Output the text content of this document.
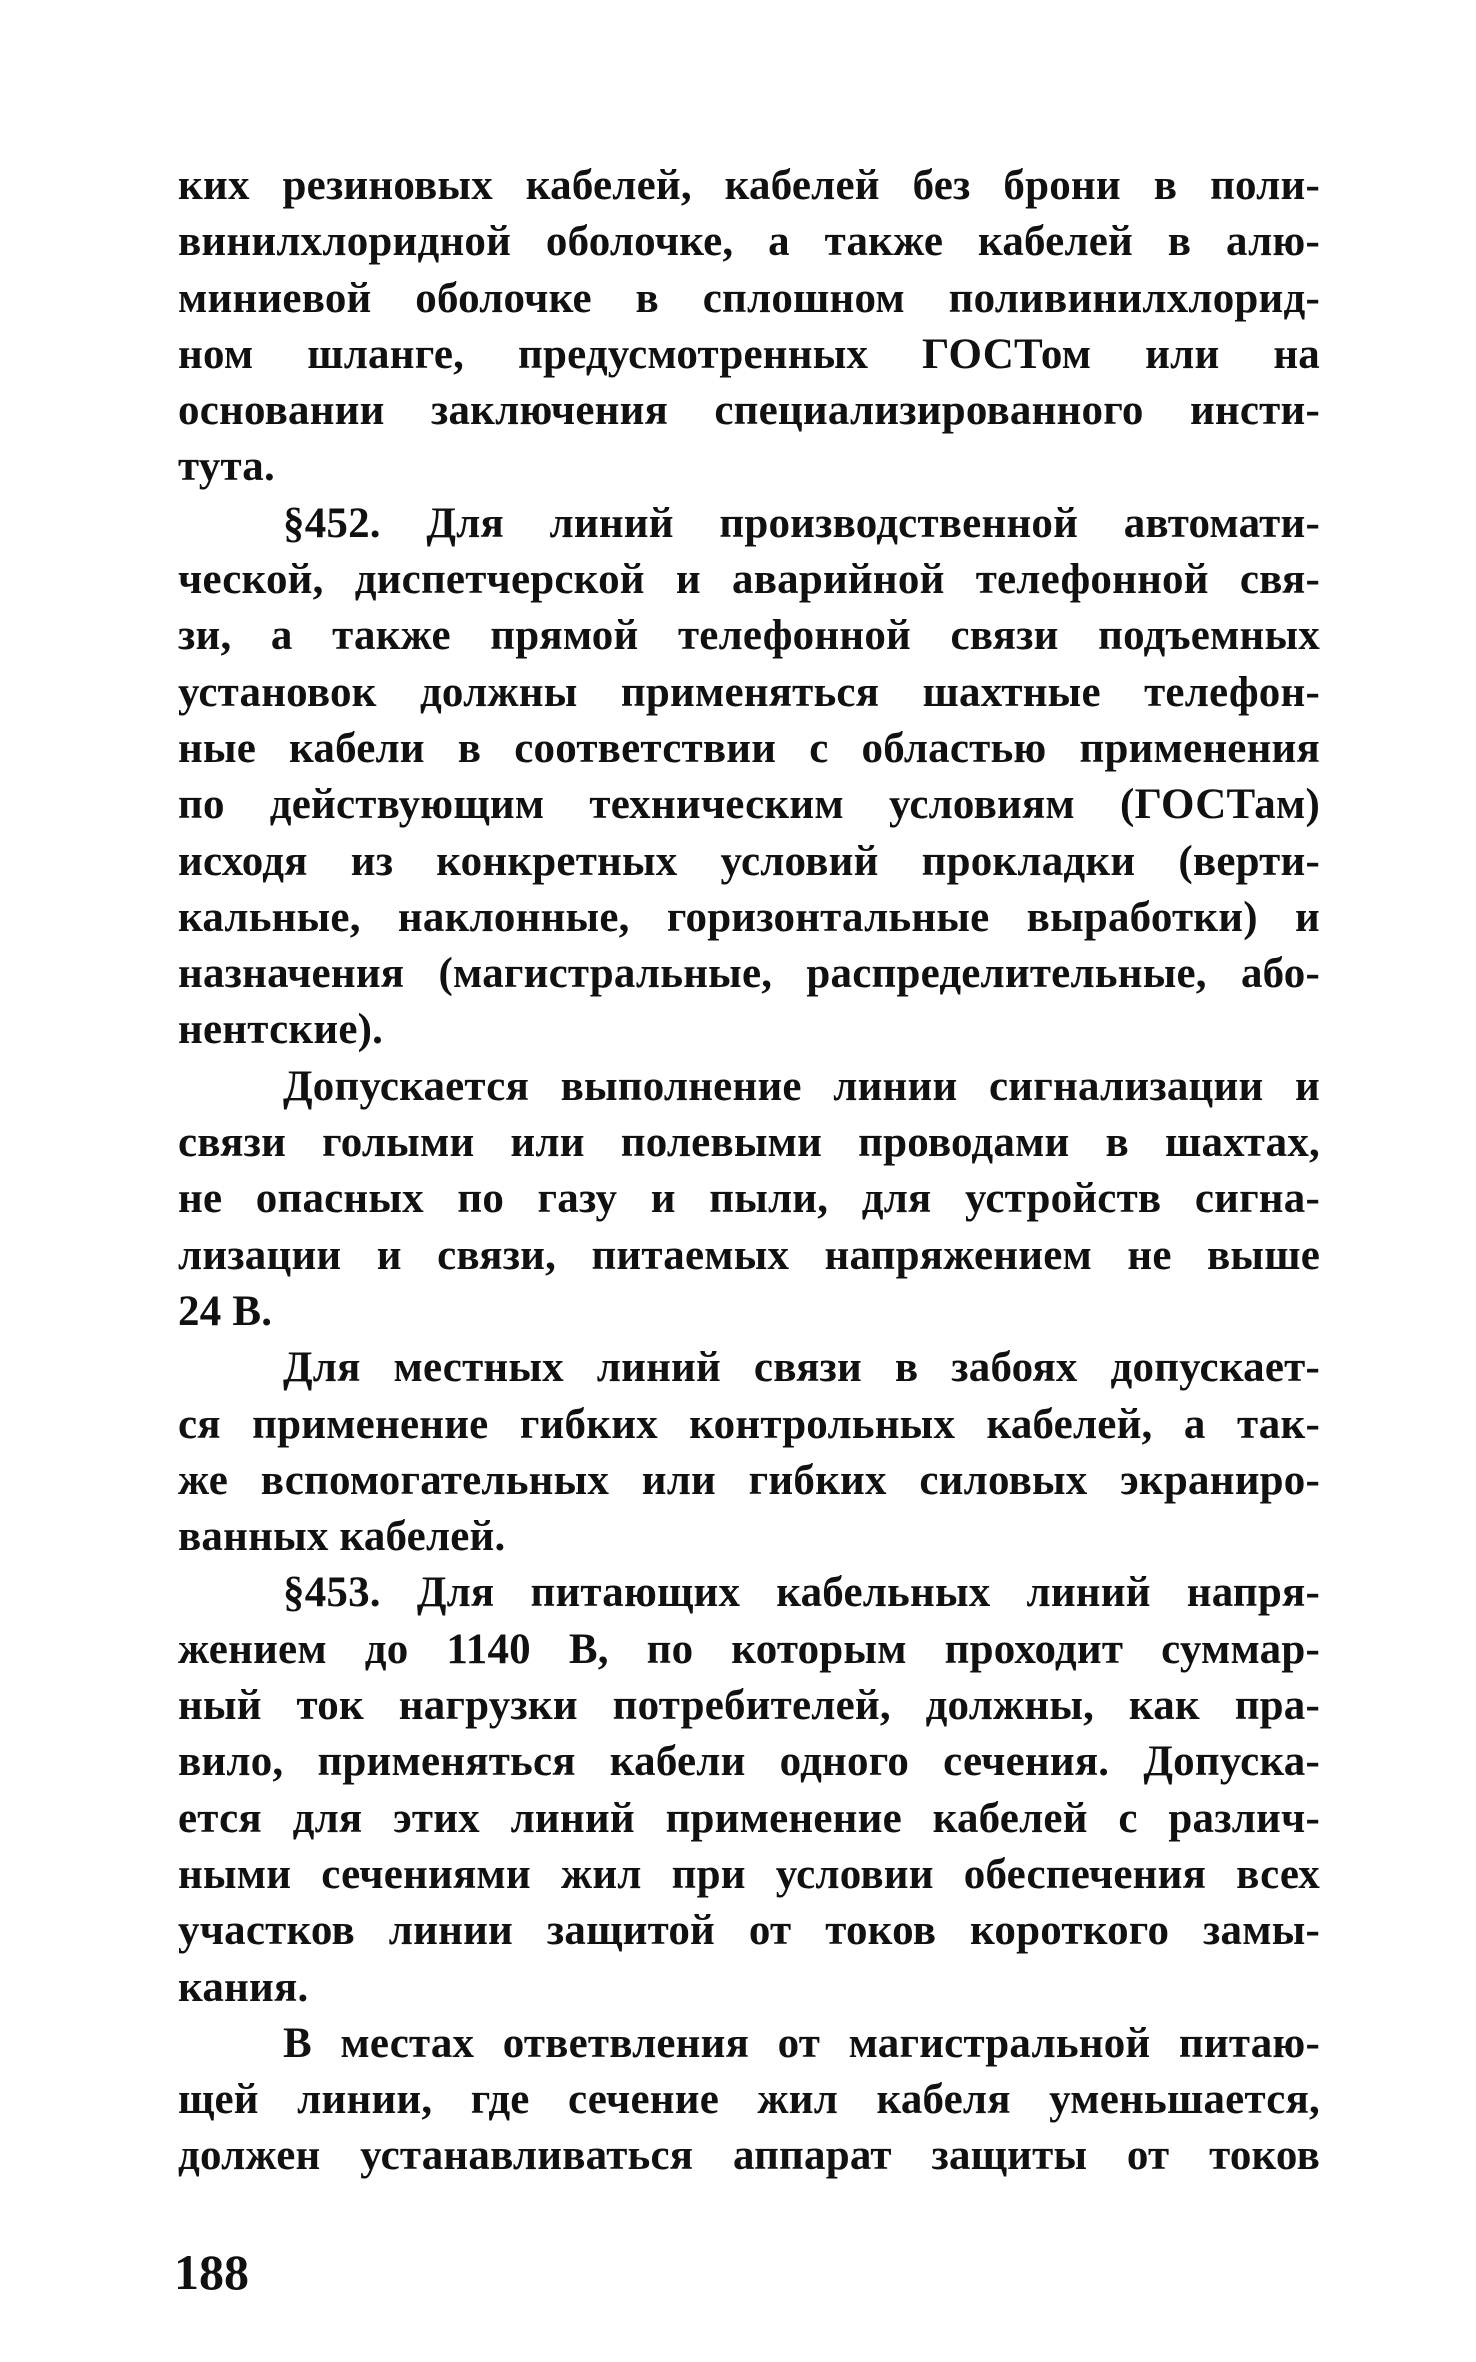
ких резиновых кабелей, кабелей без брони в поли-
винилхлоридной оболочке, а также кабелей в алю-
миниевой оболочке в сплошном поливинилхлорид-
ном шланге, предусмотренных ГОСТом или на
основании заключения специализированного инсти-
тута.
§452. Для линий производственной автомати-
ческой, диспетчерской и аварийной телефонной свя-
зи, а также прямой телефонной связи подъемных
установок должны применяться шахтные телефон-
ные кабели в соответствии с областью применения
по действующим техническим условиям (ГОСТам)
исходя из конкретных условий прокладки (верти-
кальные, наклонные, горизонтальные выработки) и
назначения (магистральные, распределительные, або-
нентские).
Допускается выполнение линии сигнализации и
связи голыми или полевыми проводами в шахтах,
не опасных по газу и пыли, для устройств сигна-
лизации и связи, питаемых напряжением не выше
24 В.
Для местных линий связи в забоях допускает-
ся применение гибких контрольных кабелей, а так-
же вспомогательных или гибких силовых экраниро-
ванных кабелей.
§453. Для питающих кабельных линий напря-
жением до 1140 В, по которым проходит суммар-
ный ток нагрузки потребителей, должны, как пра-
вило, применяться кабели одного сечения. Допуска-
ется для этих линий применение кабелей с различ-
ными сечениями жил при условии обеспечения всех
участков линии защитой от токов короткого замы-
кания.
В местах ответвления от магистральной питаю-
щей линии, где сечение жил кабеля уменьшается,
должен устанавливаться аппарат защиты от токов
188
